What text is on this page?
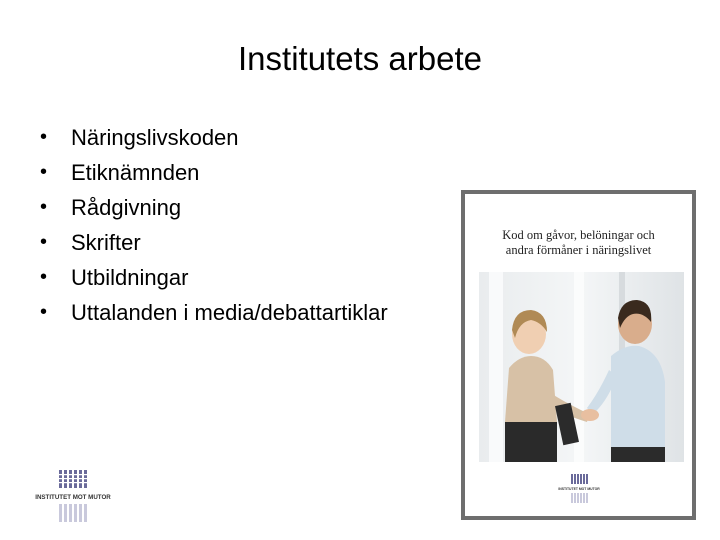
Institutets arbete
• Näringslivskoden
• Etiknämnden
• Rådgivning
• Skrifter
• Utbildningar
• Uttalanden i media/debattartiklar
INSTITUTET MOT MUTOR
Kod om gåvor, belöningar och
andra förmåner i näringslivet
INSTITUTET MOT MUTOR
